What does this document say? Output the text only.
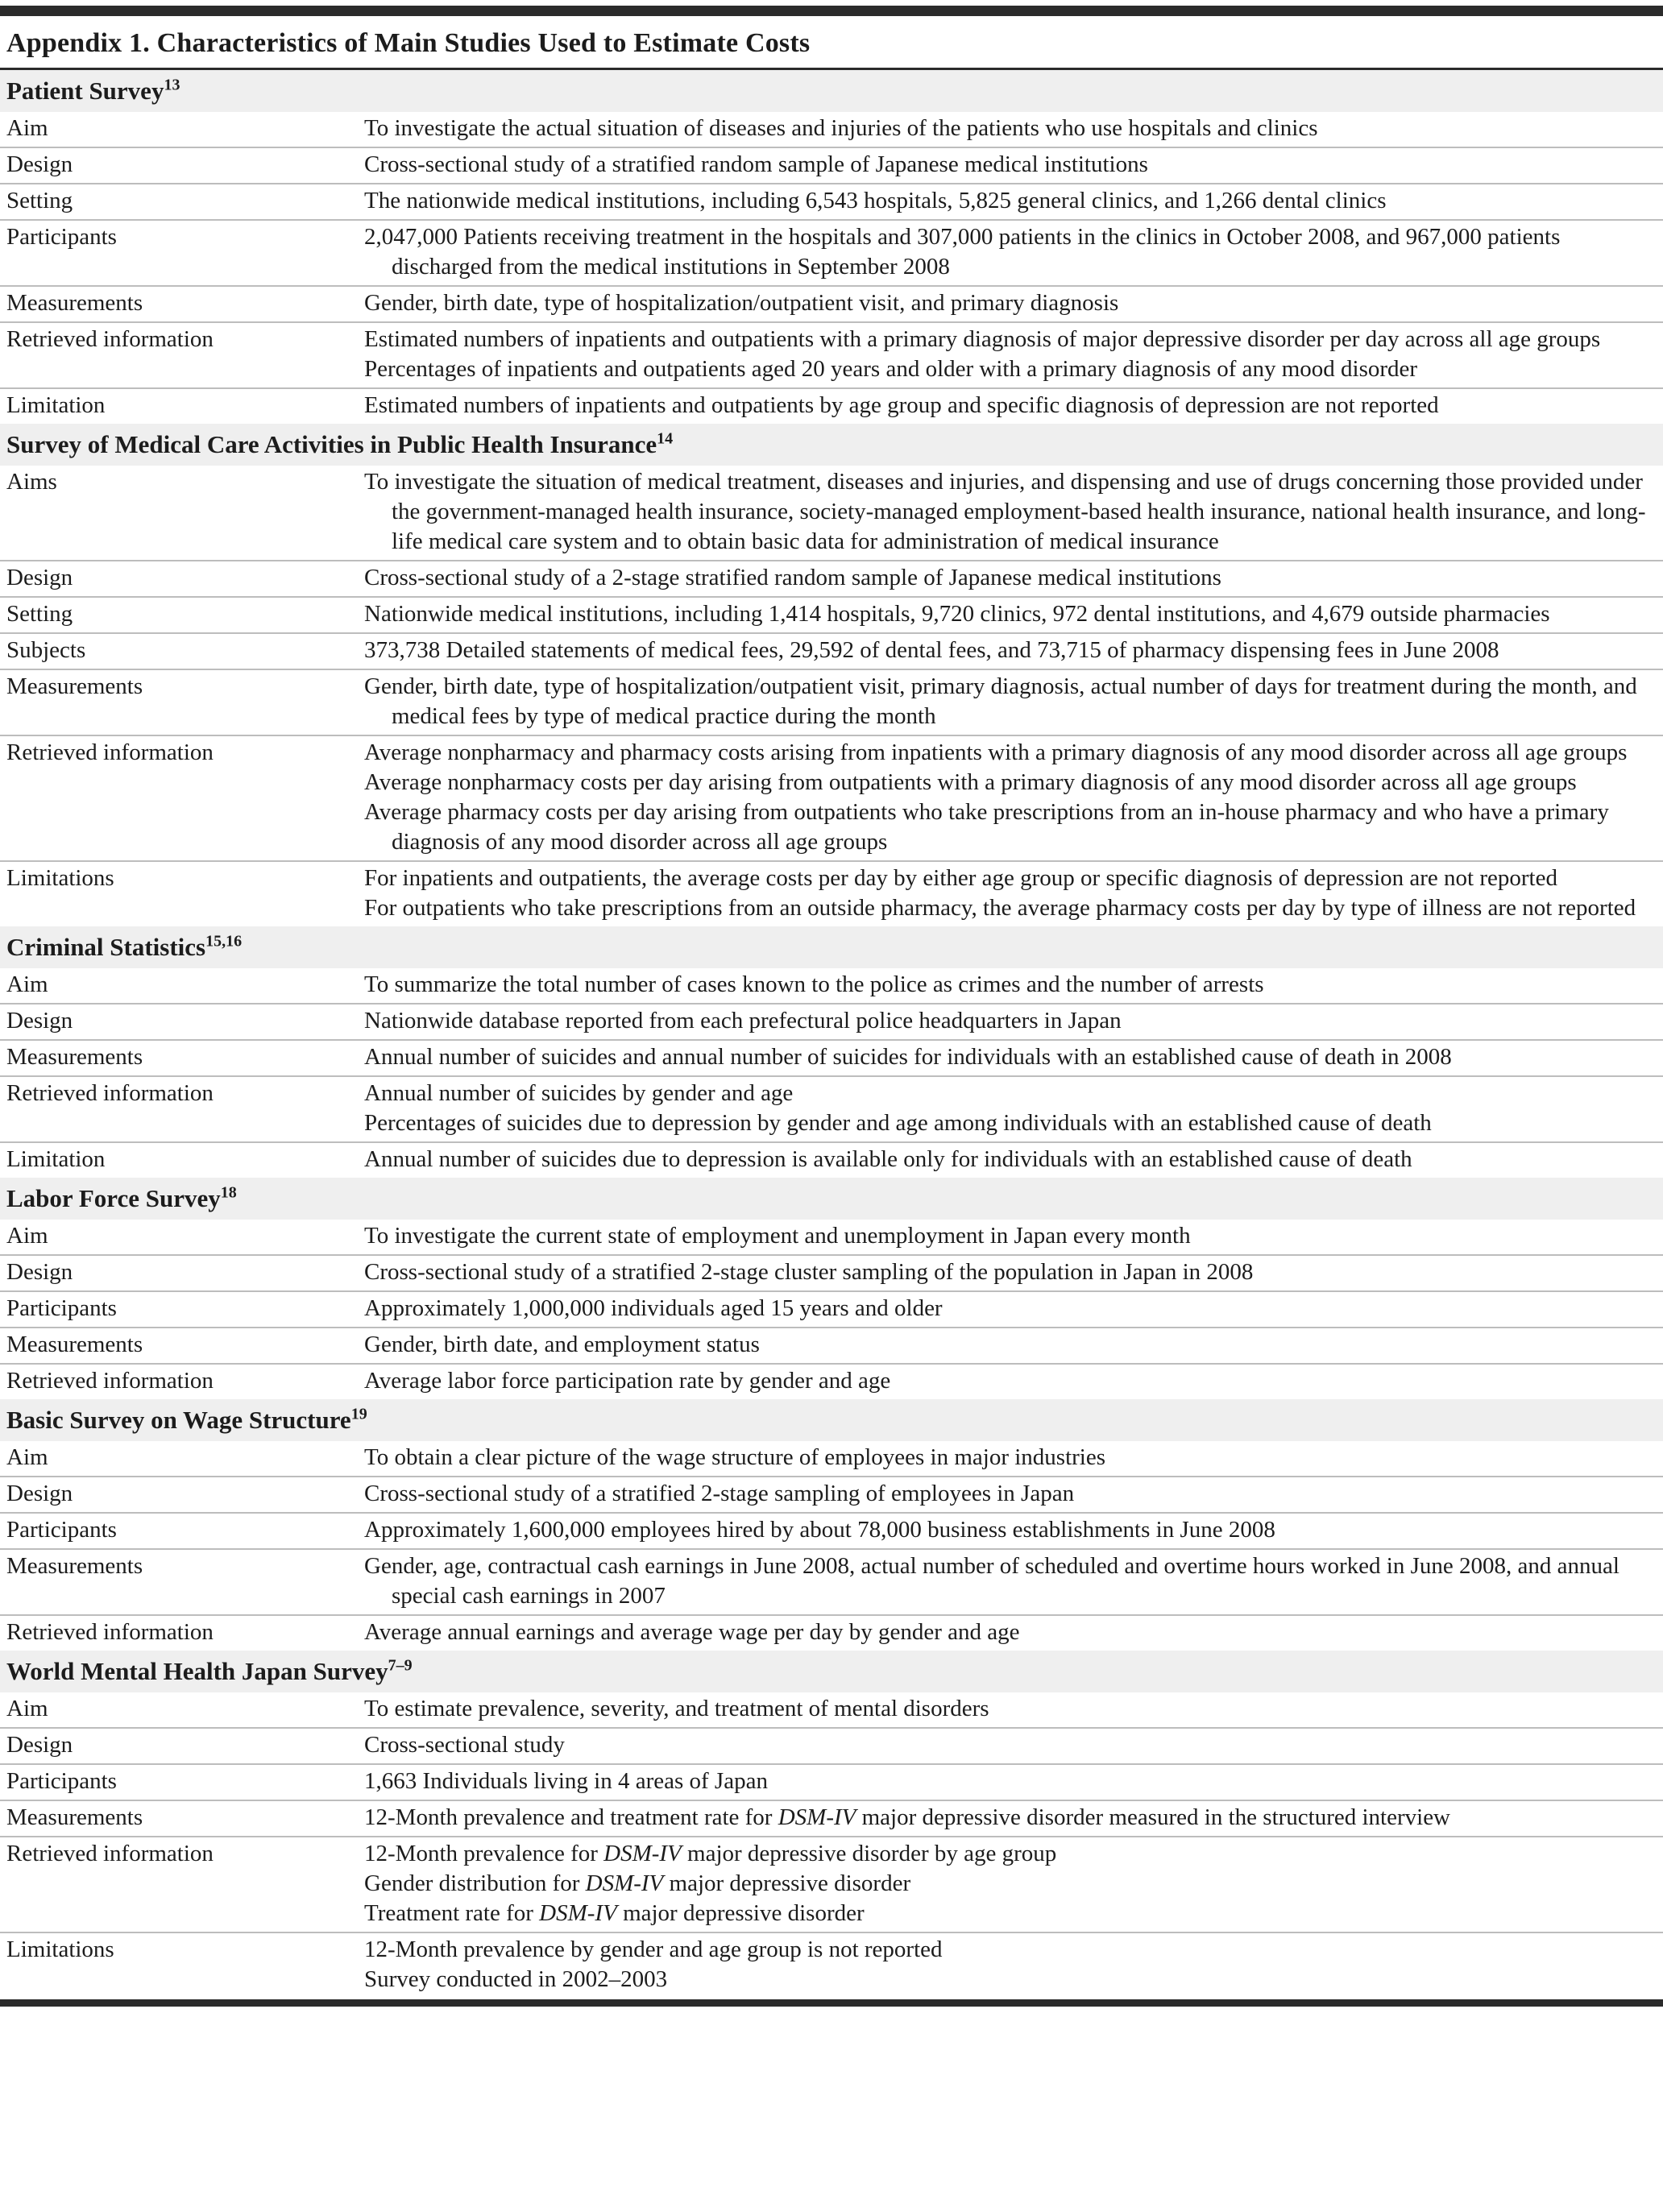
Appendix 1. Characteristics of Main Studies Used to Estimate Costs
Patient Survey$^{13}$
Aim	To investigate the actual situation of diseases and injuries of the patients who use hospitals and clinics

Design	Cross-sectional study of a stratified random sample of Japanese medical institutions

Setting	The nationwide medical institutions, including 6,543 hospitals, 5,825 general clinics, and 1,266 dental clinics

Participants	2,047,000 Patients receiving treatment in the hospitals and 307,000 patients in the clinics in October 2008, and 967,000 patients discharged from the medical institutions in September 2008

Measurements	Gender, birth date, type of hospitalization/outpatient visit, and primary diagnosis

Retrieved information	Estimated numbers of inpatients and outpatients with a primary diagnosis of major depressive disorder per day across all age groups

Percentages of inpatients and outpatients aged 20 years and older with a primary diagnosis of any mood disorder

Limitation	Estimated numbers of inpatients and outpatients by age group and specific diagnosis of depression are not reported

Survey of Medical Care Activities in Public Health Insurance$^{14}$
Aims	To investigate the situation of medical treatment, diseases and injuries, and dispensing and use of drugs concerning those provided under the government-managed health insurance, society-managed employment-based health insurance, national health insurance, and long-life medical care system and to obtain basic data for administration of medical insurance

Design	Cross-sectional study of a 2-stage stratified random sample of Japanese medical institutions

Setting	Nationwide medical institutions, including 1,414 hospitals, 9,720 clinics, 972 dental institutions, and 4,679 outside pharmacies

Subjects	373,738 Detailed statements of medical fees, 29,592 of dental fees, and 73,715 of pharmacy dispensing fees in June 2008

Measurements	Gender, birth date, type of hospitalization/outpatient visit, primary diagnosis, actual number of days for treatment during the month, and medical fees by type of medical practice during the month

Retrieved information	Average nonpharmacy and pharmacy costs arising from inpatients with a primary diagnosis of any mood disorder across all age groups

Average nonpharmacy costs per day arising from outpatients with a primary diagnosis of any mood disorder across all age groups

Average pharmacy costs per day arising from outpatients who take prescriptions from an in-house pharmacy and who have a primary diagnosis of any mood disorder across all age groups

Limitations	For inpatients and outpatients, the average costs per day by either age group or specific diagnosis of depression are not reported

For outpatients who take prescriptions from an outside pharmacy, the average pharmacy costs per day by type of illness are not reported

Criminal Statistics$^{15,16}$
Aim	To summarize the total number of cases known to the police as crimes and the number of arrests

Design	Nationwide database reported from each prefectural police headquarters in Japan

Measurements	Annual number of suicides and annual number of suicides for individuals with an established cause of death in 2008

Retrieved information	Annual number of suicides by gender and age

Percentages of suicides due to depression by gender and age among individuals with an established cause of death

Limitation	Annual number of suicides due to depression is available only for individuals with an established cause of death

Labor Force Survey$^{18}$
Aim	To investigate the current state of employment and unemployment in Japan every month

Design	Cross-sectional study of a stratified 2-stage cluster sampling of the population in Japan in 2008

Participants	Approximately 1,000,000 individuals aged 15 years and older

Measurements	Gender, birth date, and employment status

Retrieved information	Average labor force participation rate by gender and age

Basic Survey on Wage Structure$^{19}$
Aim	To obtain a clear picture of the wage structure of employees in major industries

Design	Cross-sectional study of a stratified 2-stage sampling of employees in Japan

Participants	Approximately 1,600,000 employees hired by about 78,000 business establishments in June 2008

Measurements	Gender, age, contractual cash earnings in June 2008, actual number of scheduled and overtime hours worked in June 2008, and annual special cash earnings in 2007

Retrieved information	Average annual earnings and average wage per day by gender and age

World Mental Health Japan Survey$^{7-9}$
Aim	To estimate prevalence, severity, and treatment of mental disorders

Design	Cross-sectional study

Participants	1,663 Individuals living in 4 areas of Japan

Measurements	12-Month prevalence and treatment rate for DSM-IV major depressive disorder measured in the structured interview

Retrieved information	12-Month prevalence for DSM-IV major depressive disorder by age group

Gender distribution for DSM-IV major depressive disorder

Treatment rate for DSM-IV major depressive disorder

Limitations	12-Month prevalence by gender and age group is not reported

Survey conducted in 2002–2003
